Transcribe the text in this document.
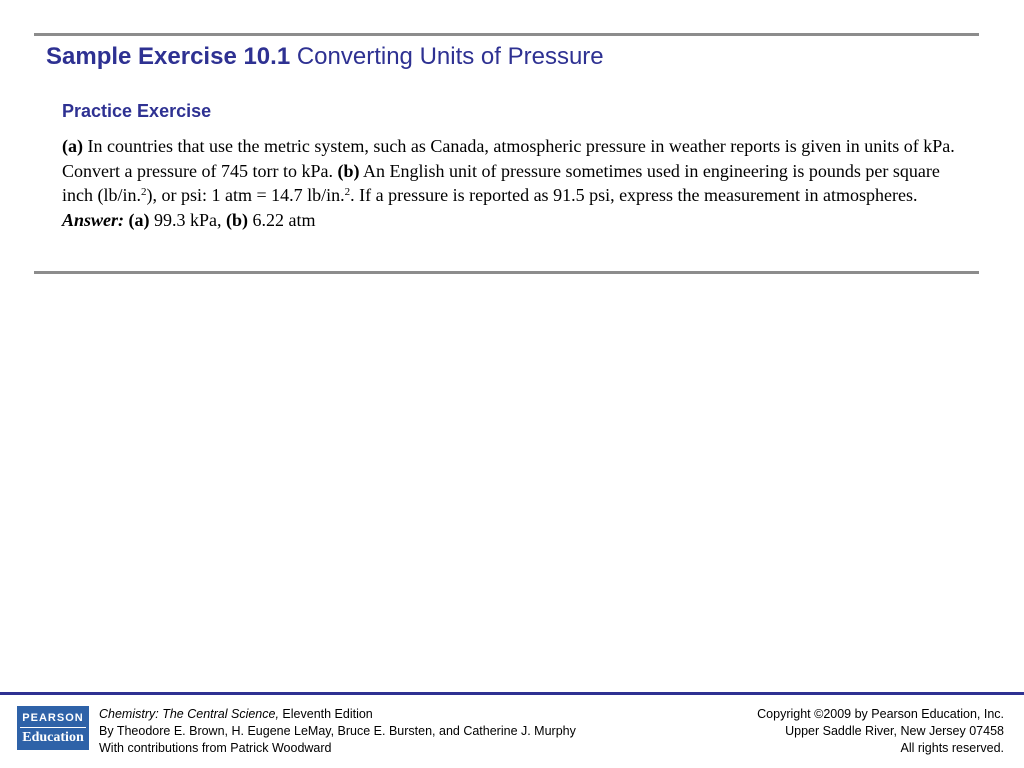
Sample Exercise 10.1 Converting Units of Pressure
Practice Exercise

(a) In countries that use the metric system, such as Canada, atmospheric pressure in weather reports is given in units of kPa. Convert a pressure of 745 torr to kPa. (b) An English unit of pressure sometimes used in engineering is pounds per square inch (lb/in.$^2$), or psi: 1 atm = 14.7 lb/in.$^2$. If a pressure is reported as 91.5 psi, express the measurement in atmospheres.
Answer: (a) 99.3 kPa, (b) 6.22 atm

PEARSON
Education
Chemistry: The Central Science, Eleventh Edition
By Theodore E. Brown, H. Eugene LeMay, Bruce E. Bursten, and Catherine J. Murphy
With contributions from Patrick Woodward
Copyright ©2009 by Pearson Education, Inc.
Upper Saddle River, New Jersey 07458
All rights reserved.
